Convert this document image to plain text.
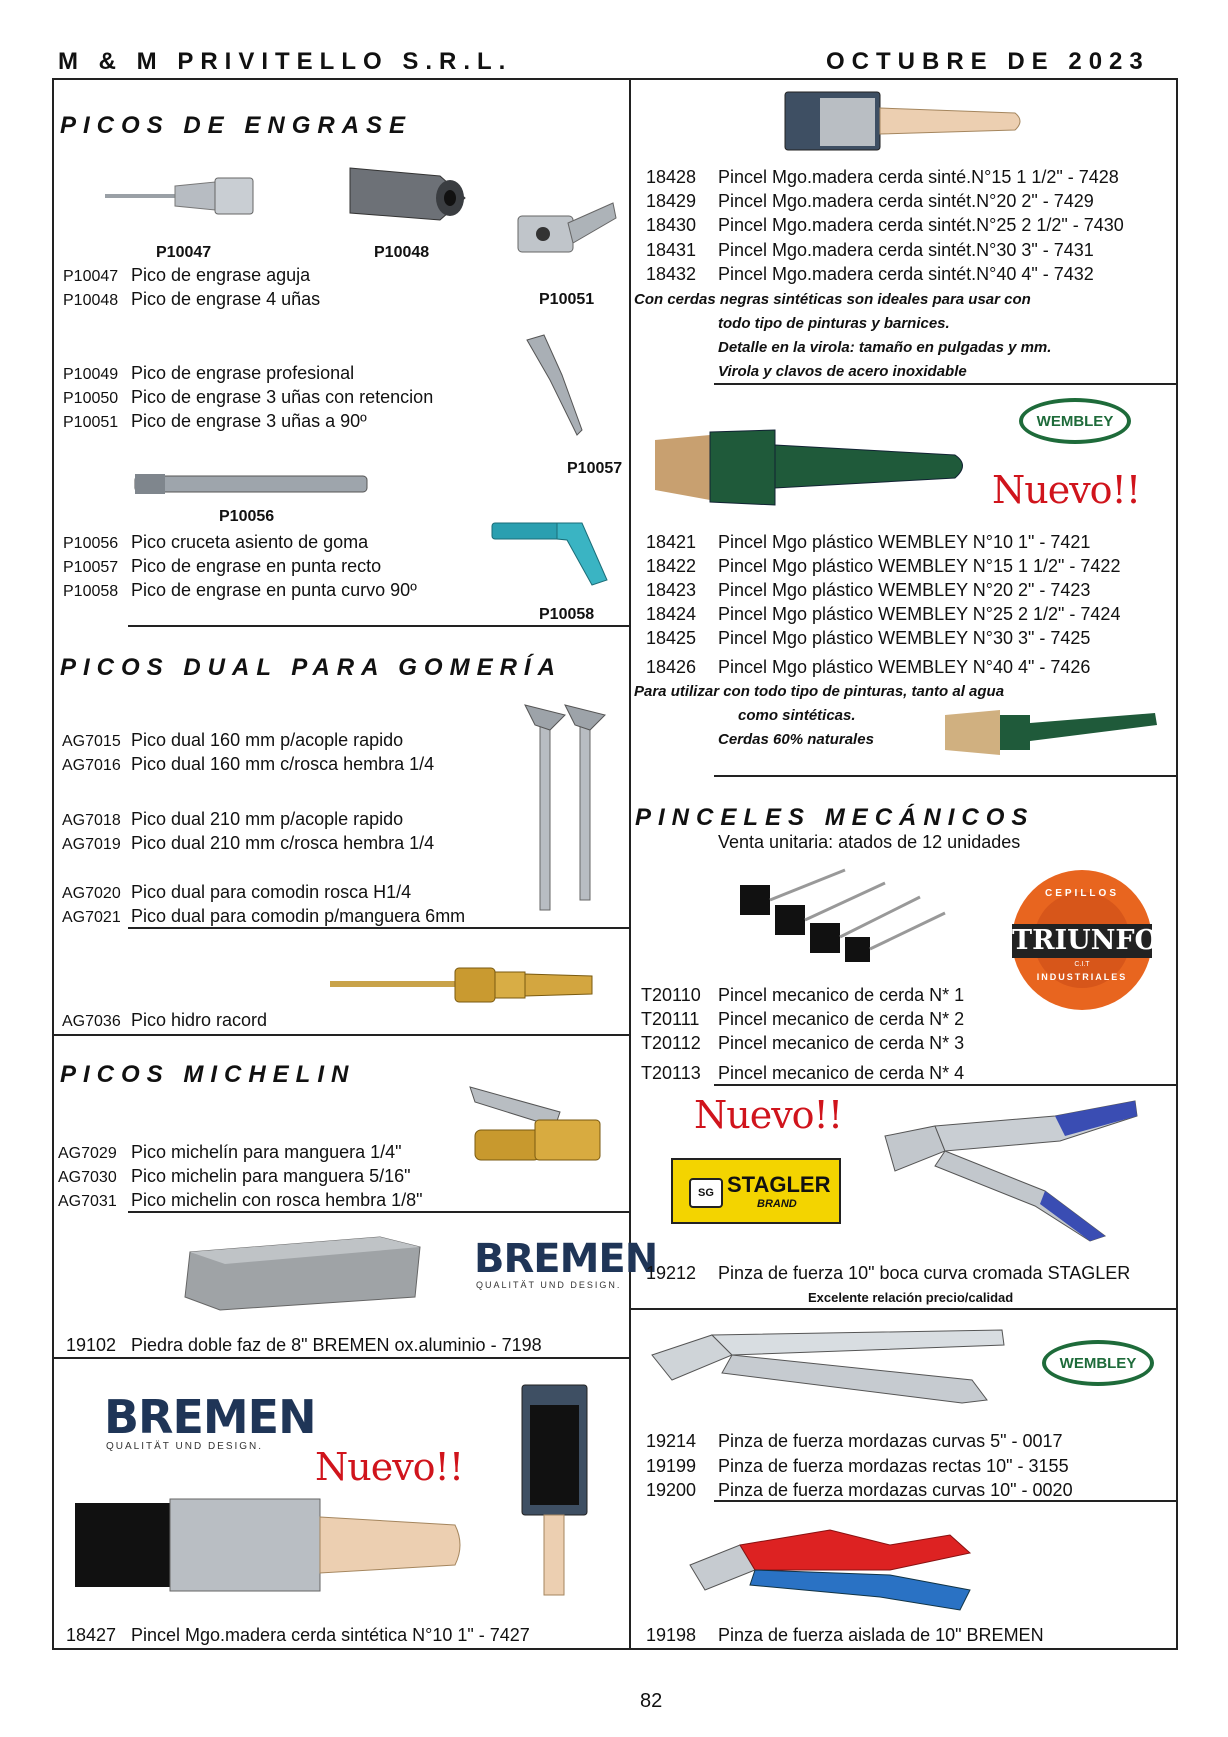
M & M PRIVITELLO S.R.L.	OCTUBRE DE 2023
PICOS DE ENGRASE
P10047	P10048
P10051
P10047 Pico de engrase aguja
P10048 Pico de engrase 4 uñas
P10057
P10049 Pico de engrase profesional
P10050 Pico de engrase 3 uñas con retencion
P10051 Pico de engrase 3 uñas a 90º
P10056
P10058
P10056 Pico cruceta asiento de goma
P10057 Pico de engrase en punta recto
P10058 Pico de engrase en punta curvo 90º
PICOS DUAL PARA GOMERÍA
AG7015 Pico dual 160 mm p/acople rapido
AG7016 Pico dual 160 mm c/rosca hembra 1/4
AG7018 Pico dual 210 mm p/acople rapido
AG7019 Pico dual 210 mm c/rosca hembra 1/4
AG7020 Pico dual para comodin rosca H1/4
AG7021 Pico dual para comodin p/manguera 6mm
AG7036 Pico hidro racord
PICOS MICHELIN
AG7029 Pico michelín para manguera 1/4"
AG7030 Pico michelin para manguera 5/16"
AG7031 Pico michelin con rosca hembra 1/8"
BREMEN
QUALITÄT UND DESIGN.
19102 Piedra doble faz de 8" BREMEN ox.aluminio - 7198
BREMEN
QUALITÄT UND DESIGN. Nuevo!!
18427 Pincel Mgo.madera cerda sintética N°10 1" - 7427
18428 Pincel Mgo.madera cerda sinté.N°15 1 1/2" - 7428
18429 Pincel Mgo.madera cerda sintét.N°20 2" - 7429
18430 Pincel Mgo.madera cerda sintét.N°25 2 1/2" - 7430
18431 Pincel Mgo.madera cerda sintét.N°30 3" - 7431
18432 Pincel Mgo.madera cerda sintét.N°40 4" - 7432
Con cerdas negras sintéticas son ideales para usar con
todo tipo de pinturas y barnices.
Detalle en la virola: tamaño en pulgadas y mm.
Virola y clavos de acero inoxidable
WEMBLEY
Nuevo!!
18421 Pincel Mgo plástico WEMBLEY N°10 1" - 7421
18422 Pincel Mgo plástico WEMBLEY N°15 1 1/2" - 7422
18423 Pincel Mgo plástico WEMBLEY N°20 2" - 7423
18424 Pincel Mgo plástico WEMBLEY N°25 2 1/2" - 7424
18425 Pincel Mgo plástico WEMBLEY N°30 3" - 7425
18426 Pincel Mgo plástico WEMBLEY N°40 4" - 7426
Para utilizar con todo tipo de pinturas, tanto al agua
como sintéticas.
Cerdas 60% naturales
PINCELES MECÁNICOS
Venta unitaria: atados de 12 unidades
TRIUNFO
CEPILLOS
C.I.T
INDUSTRIALES
T20110 Pincel mecanico de cerda N* 1
T20111 Pincel mecanico de cerda N* 2
T20112 Pincel mecanico de cerda N* 3
T20113 Pincel mecanico de cerda N* 4
Nuevo!!
SG STAGLER
BRAND
19212 Pinza de fuerza 10" boca curva cromada STAGLER
Excelente relación precio/calidad
WEMBLEY
19214 Pinza de fuerza mordazas curvas 5" - 0017
19199 Pinza de fuerza mordazas rectas 10" - 3155
19200 Pinza de fuerza mordazas curvas 10" - 0020
19198 Pinza de fuerza aislada de 10" BREMEN
82
